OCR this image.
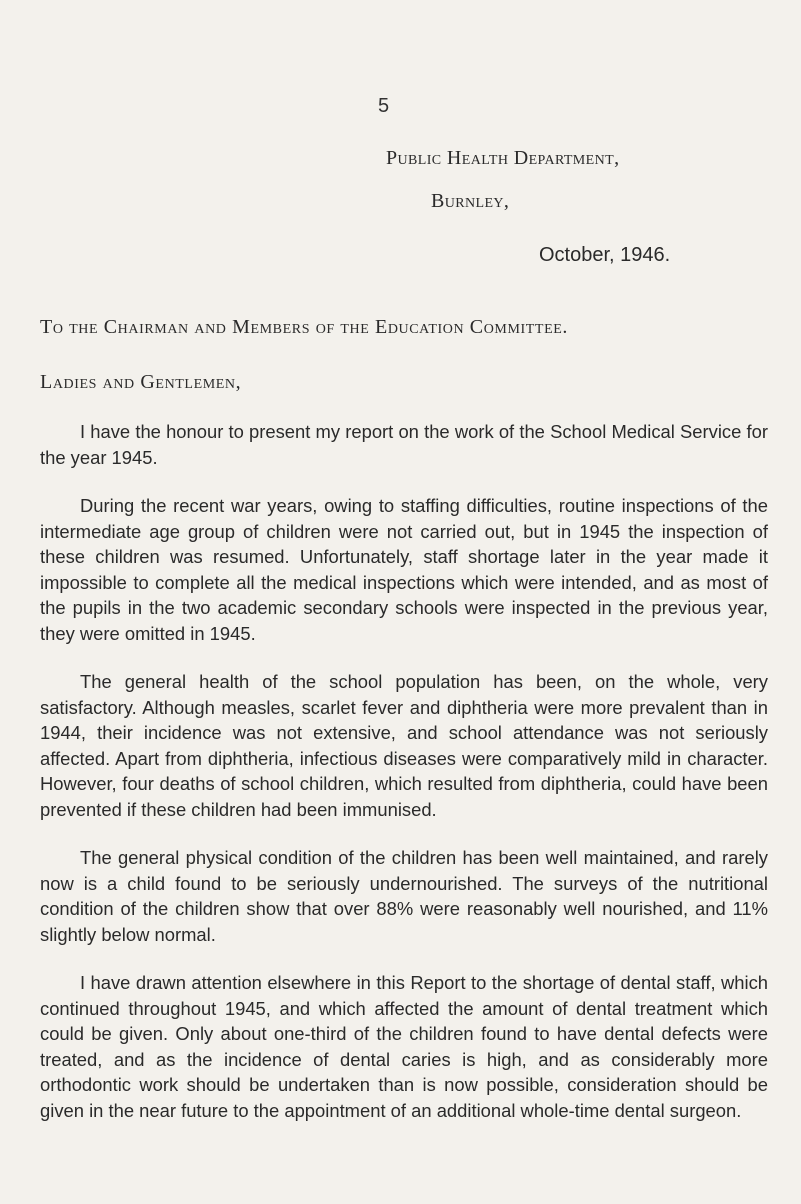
5
Public Health Department,
Burnley,
October, 1946.
To the Chairman and Members of the Education Committee.
Ladies and Gentlemen,

I have the honour to present my report on the work of the School Medical Service for the year 1945.

During the recent war years, owing to staffing difficulties, routine inspections of the intermediate age group of children were not carried out, but in 1945 the inspection of these children was resumed. Unfortunately, staff shortage later in the year made it impossible to complete all the medical inspections which were intended, and as most of the pupils in the two academic secondary schools were inspected in the previous year, they were omitted in 1945.

The general health of the school population has been, on the whole, very satisfactory. Although measles, scarlet fever and diphtheria were more prevalent than in 1944, their incidence was not extensive, and school attendance was not seriously affected. Apart from diphtheria, infectious diseases were comparatively mild in character. However, four deaths of school children, which resulted from diphtheria, could have been prevented if these children had been immunised.

The general physical condition of the children has been well maintained, and rarely now is a child found to be seriously undernourished. The surveys of the nutritional condition of the children show that over 88% were reasonably well nourished, and 11% slightly below normal.

I have drawn attention elsewhere in this Report to the shortage of dental staff, which continued throughout 1945, and which affected the amount of dental treatment which could be given. Only about one-third of the children found to have dental defects were treated, and as the incidence of dental caries is high, and as considerably more orthodontic work should be undertaken than is now possible, consideration should be given in the near future to the appointment of an additional whole-time dental surgeon.
